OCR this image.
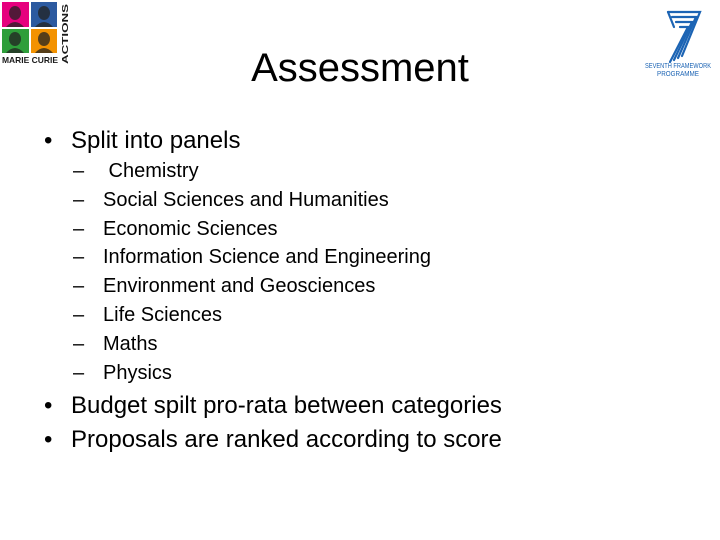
MARIE CURIE ACTIONS
SEVENTH FRAMEWORK
PROGRAMME
Assessment
• Split into panels
– Chemistry
– Social Sciences and Humanities
– Economic Sciences
– Information Science and Engineering
– Environment and Geosciences
– Life Sciences
– Maths
– Physics
• Budget spilt pro-rata between categories
• Proposals are ranked according to score
